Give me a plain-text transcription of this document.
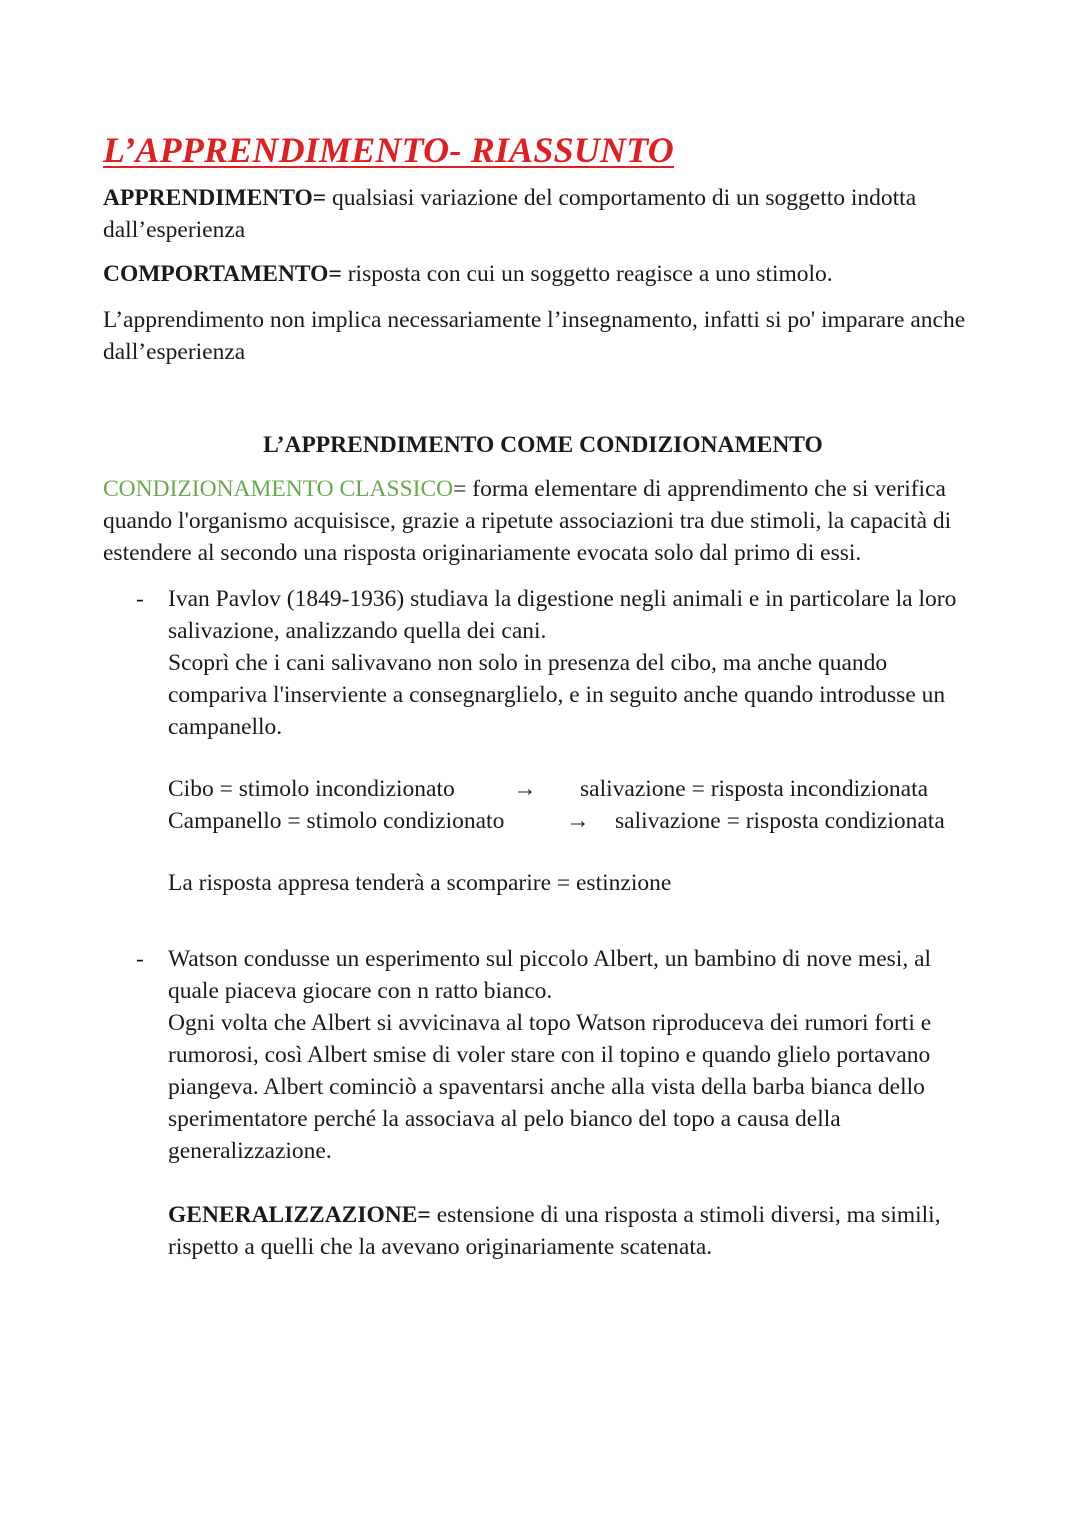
L’APPRENDIMENTO- RIASSUNTO

APPRENDIMENTO= qualsiasi variazione del comportamento di un soggetto indotta dall’esperienza

COMPORTAMENTO= risposta con cui un soggetto reagisce a uno stimolo.

L’apprendimento non implica necessariamente l’insegnamento, infatti si po' imparare anche dall’esperienza

L’APPRENDIMENTO COME CONDIZIONAMENTO

CONDIZIONAMENTO CLASSICO= forma elementare di apprendimento che si verifica quando l'organismo acquisisce, grazie a ripetute associazioni tra due stimoli, la capacità di estendere al secondo una risposta originariamente evocata solo dal primo di essi.

- Ivan Pavlov (1849-1936) studiava la digestione negli animali e in particolare la loro salivazione, analizzando quella dei cani.

Scoprì che i cani salivavano non solo in presenza del cibo, ma anche quando compariva l'inserviente a consegnarglielo, e in seguito anche quando introdusse un campanello.

Cibo = stimolo incondizionato → salivazione = risposta incondizionata
Campanello = stimolo condizionato	→ salivazione = risposta condizionata

La risposta appresa tenderà a scomparire = estinzione

- Watson condusse un esperimento sul piccolo Albert, un bambino di nove mesi, al quale piaceva giocare con n ratto bianco.

Ogni volta che Albert si avvicinava al topo Watson riproduceva dei rumori forti e rumorosi, così Albert smise di voler stare con il topino e quando glielo portavano piangeva. Albert cominciò a spaventarsi anche alla vista della barba bianca dello sperimentatore perché la associava al pelo bianco del topo a causa della generalizzazione.

GENERALIZZAZIONE= estensione di una risposta a stimoli diversi, ma simili, rispetto a quelli che la avevano originariamente scatenata.
